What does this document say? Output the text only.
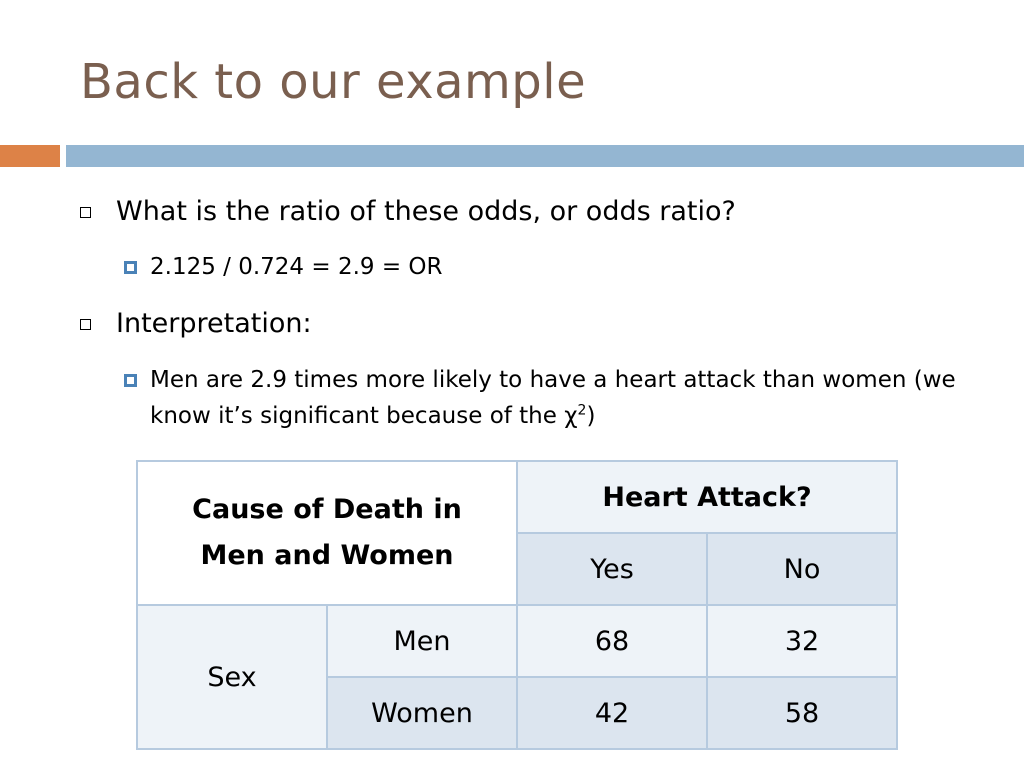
Back to our example
What is the ratio of these odds, or odds ratio?
2.125 / 0.724 = 2.9 = OR
Interpretation:
Men are 2.9 times more likely to have a heart attack than women (we know it’s significant because of the $\chi^2$)
Cause of Death in Men and Women		Heart Attack?	
		Yes	No
Sex	Men	68	32
	Women	42	58
